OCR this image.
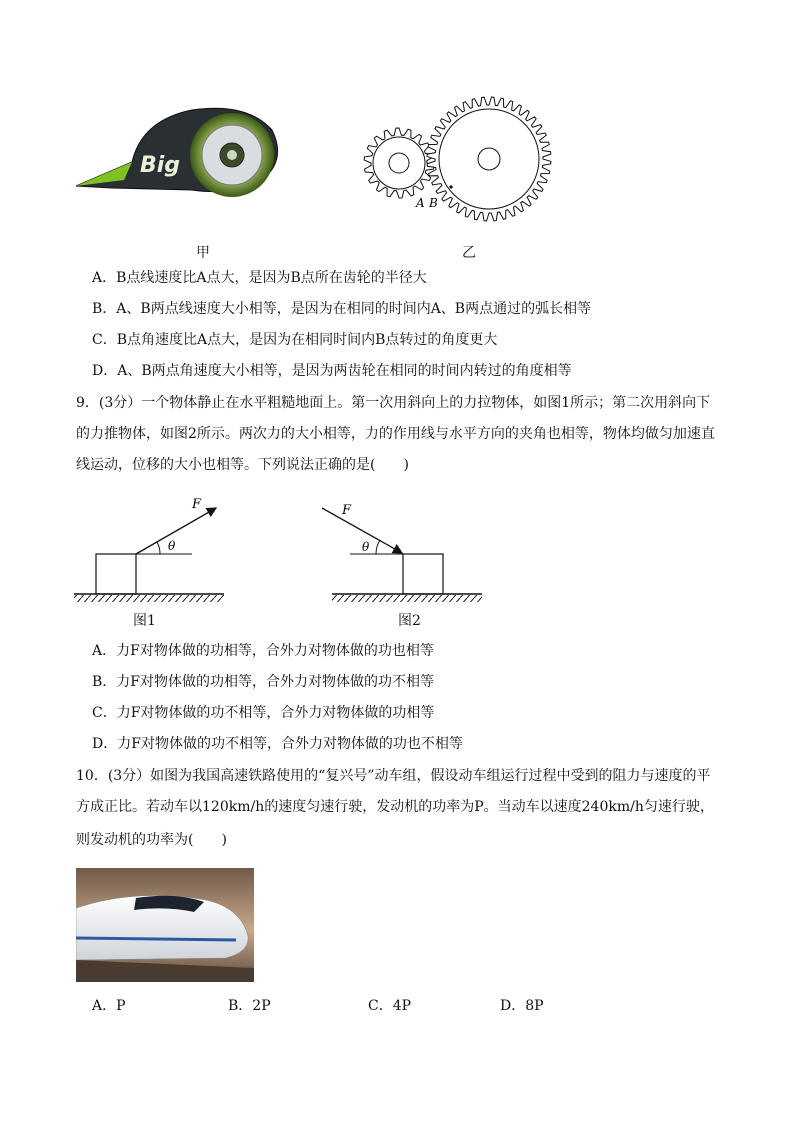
Big
甲
A B
乙
A．B点线速度比A点大，是因为B点所在齿轮的半径大
B．A、B两点线速度大小相等，是因为在相同的时间内A、B两点通过的弧长相等
C．B点角速度比A点大，是因为在相同时间内B点转过的角度更大
D．A、B两点角速度大小相等，是因为两齿轮在相同的时间内转过的角度相等
9．(3分）一个物体静止在水平粗糙地面上。第一次用斜向上的力拉物体，如图1所示；第二次用斜向下
的力推物体，如图2所示。两次力的大小相等，力的作用线与水平方向的夹角也相等，物体均做匀加速直
线运动，位移的大小也相等。下列说法正确的是(　　)
F
θ
图1
F
θ
图2
A．力F对物体做的功相等，合外力对物体做的功也相等
B．力F对物体做的功相等，合外力对物体做的功不相等
C．力F对物体做的功不相等，合外力对物体做的功相等
D．力F对物体做的功不相等，合外力对物体做的功也不相等
10．(3分）如图为我国高速铁路使用的“复兴号”动车组，假设动车组运行过程中受到的阻力与速度的平
方成正比。若动车以120km/h的速度匀速行驶，发动机的功率为P。当动车以速度240km/h匀速行驶，
则发动机的功率为(　　)
A．P	B．2P	C．4P	D．8P
